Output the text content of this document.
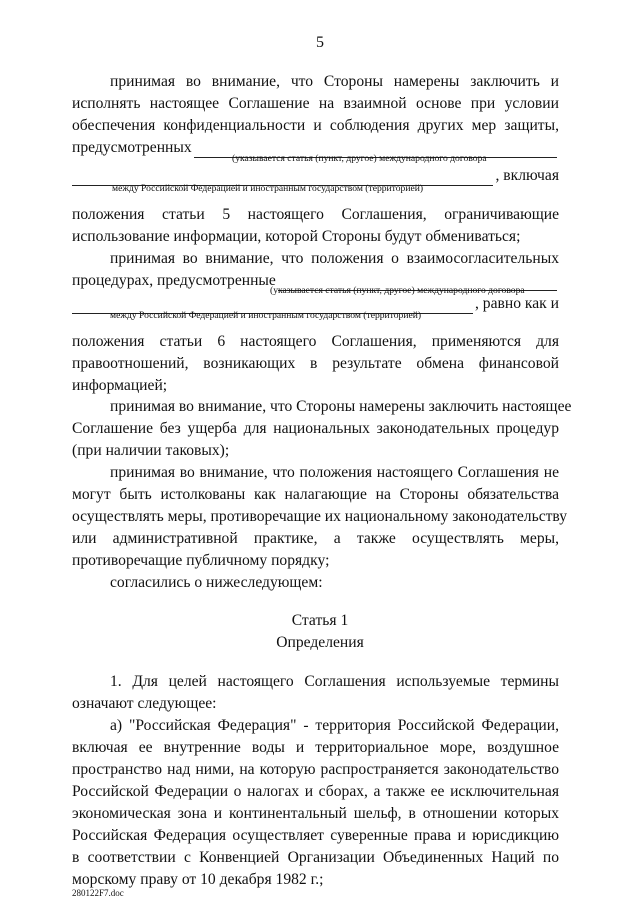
5
принимая во внимание, что Стороны намерены заключить и
исполнять настоящее Соглашение на взаимной основе при условии
обеспечения конфиденциальности и соблюдения других мер защиты,
предусмотренных
(указывается статья (пункт, другое) международного договора
, включая
между Российской Федерацией и иностранным государством (территорией)
положения статьи 5 настоящего Соглашения, ограничивающие
использование информации, которой Стороны будут обмениваться;
принимая во внимание, что положения о взаимосогласительных
процедурах, предусмотренные
(указывается статья (пункт, другое) международного договора
, равно как и
между Российской Федерацией и иностранным государством (территорией)
положения статьи 6 настоящего Соглашения, применяются для
правоотношений, возникающих в результате обмена финансовой
информацией;
принимая во внимание, что Стороны намерены заключить настоящее
Соглашение без ущерба для национальных законодательных процедур
(при наличии таковых);
принимая во внимание, что положения настоящего Соглашения не
могут быть истолкованы как налагающие на Стороны обязательства
осуществлять меры, противоречащие их национальному законодательству
или административной практике, а также осуществлять меры,
противоречащие публичному порядку;
согласились о нижеследующем:
Статья 1
Определения
1. Для целей настоящего Соглашения используемые термины
означают следующее:
а) "Российская Федерация" - территория Российской Федерации,
включая ее внутренние воды и территориальное море, воздушное
пространство над ними, на которую распространяется законодательство
Российской Федерации о налогах и сборах, а также ее исключительная
экономическая зона и континентальный шельф, в отношении которых
Российская Федерация осуществляет суверенные права и юрисдикцию
в соответствии с Конвенцией Организации Объединенных Наций по
морскому праву от 10 декабря 1982 г.;
280122F7.doc
